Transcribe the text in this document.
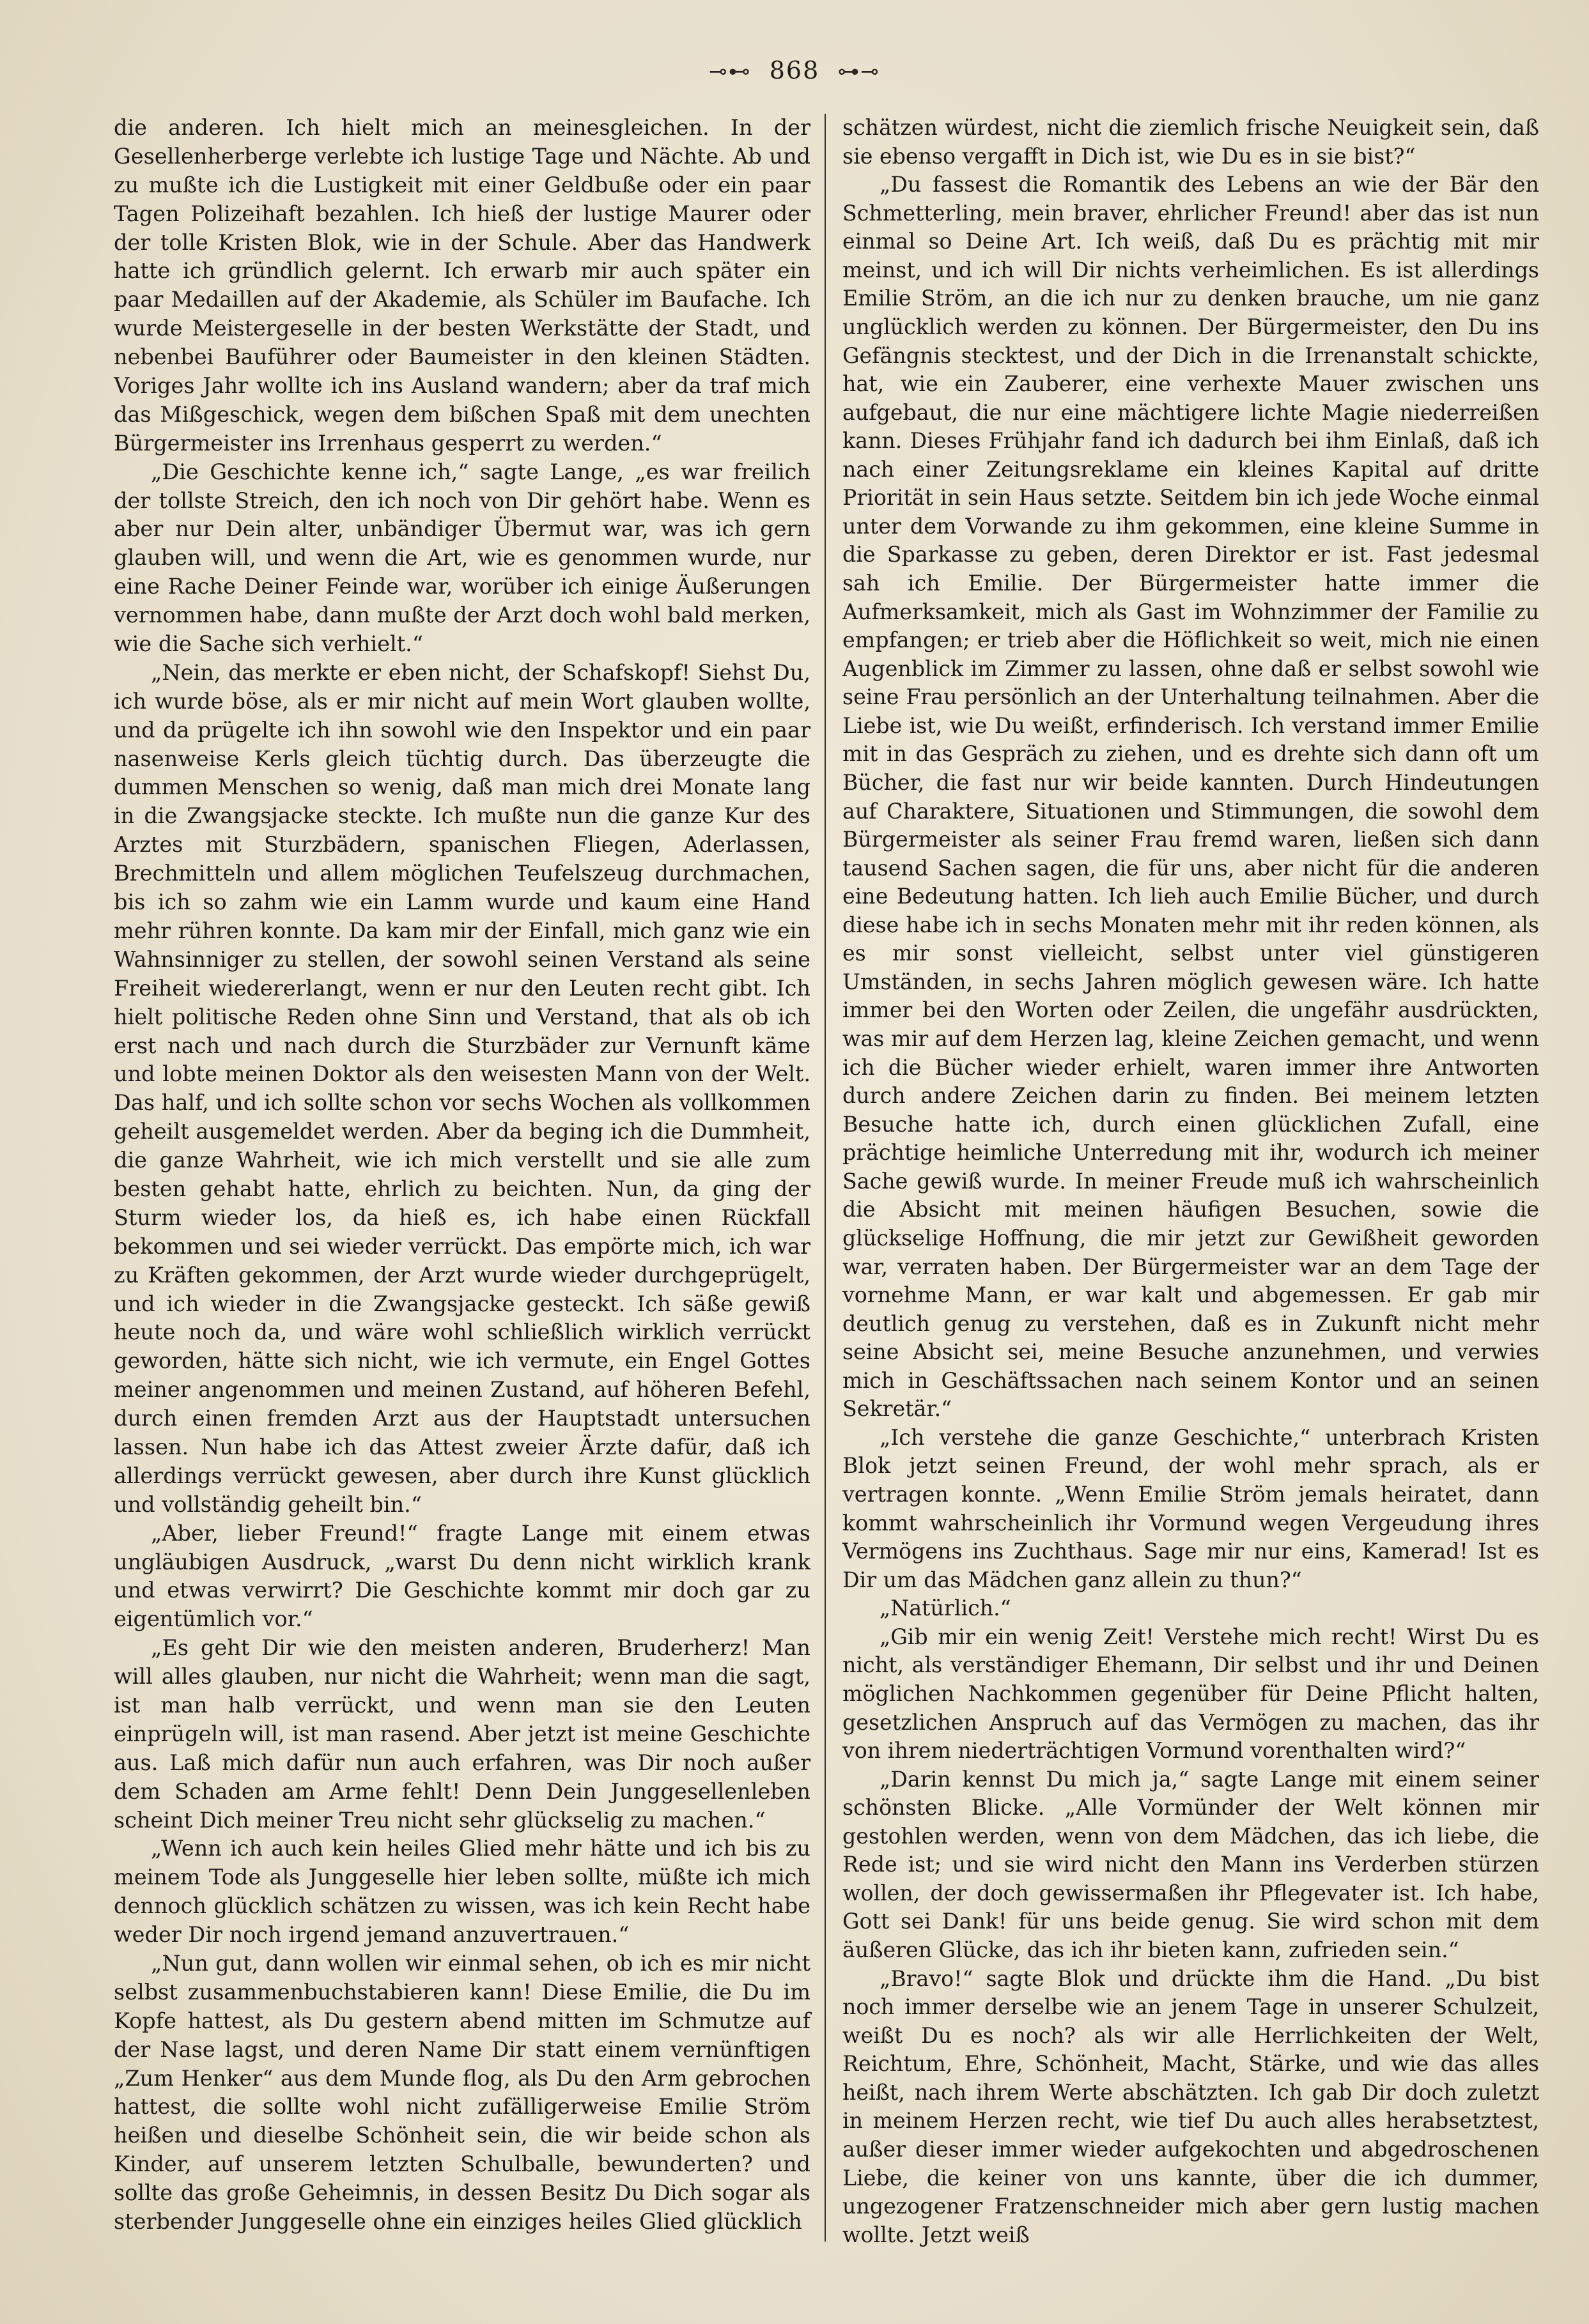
⊸⊷ 868 ⊶⊸

die anderen. Ich hielt mich an meinesgleichen. In der Gesellenherberge verlebte ich lustige Tage und Nächte. Ab und zu mußte ich die Lustigkeit mit einer Geldbuße oder ein paar Tagen Polizeihaft bezahlen. Ich hieß der lustige Maurer oder der tolle Kristen Blok, wie in der Schule. Aber das Handwerk hatte ich gründlich gelernt. Ich erwarb mir auch später ein paar Medaillen auf der Akademie, als Schüler im Baufache. Ich wurde Meistergeselle in der besten Werkstätte der Stadt, und nebenbei Bauführer oder Baumeister in den kleinen Städten. Voriges Jahr wollte ich ins Ausland wandern; aber da traf mich das Mißgeschick, wegen dem bißchen Spaß mit dem unechten Bürgermeister ins Irrenhaus gesperrt zu werden.“

„Die Geschichte kenne ich,“ sagte Lange, „es war freilich der tollste Streich, den ich noch von Dir gehört habe. Wenn es aber nur Dein alter, unbändiger Übermut war, was ich gern glauben will, und wenn die Art, wie es genommen wurde, nur eine Rache Deiner Feinde war, worüber ich einige Äußerungen vernommen habe, dann mußte der Arzt doch wohl bald merken, wie die Sache sich verhielt.“

„Nein, das merkte er eben nicht, der Schafskopf! Siehst Du, ich wurde böse, als er mir nicht auf mein Wort glauben wollte, und da prügelte ich ihn sowohl wie den Inspektor und ein paar nasenweise Kerls gleich tüchtig durch. Das überzeugte die dummen Menschen so wenig, daß man mich drei Monate lang in die Zwangsjacke steckte. Ich mußte nun die ganze Kur des Arztes mit Sturzbädern, spanischen Fliegen, Aderlassen, Brechmitteln und allem möglichen Teufelszeug durchmachen, bis ich so zahm wie ein Lamm wurde und kaum eine Hand mehr rühren konnte. Da kam mir der Einfall, mich ganz wie ein Wahnsinniger zu stellen, der sowohl seinen Verstand als seine Freiheit wiedererlangt, wenn er nur den Leuten recht gibt. Ich hielt politische Reden ohne Sinn und Verstand, that als ob ich erst nach und nach durch die Sturzbäder zur Vernunft käme und lobte meinen Doktor als den weisesten Mann von der Welt. Das half, und ich sollte schon vor sechs Wochen als vollkommen geheilt ausgemeldet werden. Aber da beging ich die Dummheit, die ganze Wahrheit, wie ich mich verstellt und sie alle zum besten gehabt hatte, ehrlich zu beichten. Nun, da ging der Sturm wieder los, da hieß es, ich habe einen Rückfall bekommen und sei wieder verrückt. Das empörte mich, ich war zu Kräften gekommen, der Arzt wurde wieder durchgeprügelt, und ich wieder in die Zwangsjacke gesteckt. Ich säße gewiß heute noch da, und wäre wohl schließlich wirklich verrückt geworden, hätte sich nicht, wie ich vermute, ein Engel Gottes meiner angenommen und meinen Zustand, auf höheren Befehl, durch einen fremden Arzt aus der Hauptstadt untersuchen lassen. Nun habe ich das Attest zweier Ärzte dafür, daß ich allerdings verrückt gewesen, aber durch ihre Kunst glücklich und vollständig geheilt bin.“

„Aber, lieber Freund!“ fragte Lange mit einem etwas ungläubigen Ausdruck, „warst Du denn nicht wirklich krank und etwas verwirrt? Die Geschichte kommt mir doch gar zu eigentümlich vor.“

„Es geht Dir wie den meisten anderen, Bruderherz! Man will alles glauben, nur nicht die Wahrheit; wenn man die sagt, ist man halb verrückt, und wenn man sie den Leuten einprügeln will, ist man rasend. Aber jetzt ist meine Geschichte aus. Laß mich dafür nun auch erfahren, was Dir noch außer dem Schaden am Arme fehlt! Denn Dein Junggesellenleben scheint Dich meiner Treu nicht sehr glückselig zu machen.“

„Wenn ich auch kein heiles Glied mehr hätte und ich bis zu meinem Tode als Junggeselle hier leben sollte, müßte ich mich dennoch glücklich schätzen zu wissen, was ich kein Recht habe weder Dir noch irgend jemand anzuvertrauen.“

„Nun gut, dann wollen wir einmal sehen, ob ich es mir nicht selbst zusammenbuchstabieren kann! Diese Emilie, die Du im Kopfe hattest, als Du gestern abend mitten im Schmutze auf der Nase lagst, und deren Name Dir statt einem vernünftigen „Zum Henker“ aus dem Munde flog, als Du den Arm gebrochen hattest, die sollte wohl nicht zufälligerweise Emilie Ström heißen und dieselbe Schönheit sein, die wir beide schon als Kinder, auf unserem letzten Schulballe, bewunderten? und sollte das große Geheimnis, in dessen Besitz Du Dich sogar als sterbender Junggeselle ohne ein einziges heiles Glied glücklich

schätzen würdest, nicht die ziemlich frische Neuigkeit sein, daß sie ebenso vergafft in Dich ist, wie Du es in sie bist?“

„Du fassest die Romantik des Lebens an wie der Bär den Schmetterling, mein braver, ehrlicher Freund! aber das ist nun einmal so Deine Art. Ich weiß, daß Du es prächtig mit mir meinst, und ich will Dir nichts verheimlichen. Es ist allerdings Emilie Ström, an die ich nur zu denken brauche, um nie ganz unglücklich werden zu können. Der Bürgermeister, den Du ins Gefängnis stecktest, und der Dich in die Irrenanstalt schickte, hat, wie ein Zauberer, eine verhexte Mauer zwischen uns aufgebaut, die nur eine mächtigere lichte Magie niederreißen kann. Dieses Frühjahr fand ich dadurch bei ihm Einlaß, daß ich nach einer Zeitungsreklame ein kleines Kapital auf dritte Priorität in sein Haus setzte. Seitdem bin ich jede Woche einmal unter dem Vorwande zu ihm gekommen, eine kleine Summe in die Sparkasse zu geben, deren Direktor er ist. Fast jedesmal sah ich Emilie. Der Bürgermeister hatte immer die Aufmerksamkeit, mich als Gast im Wohnzimmer der Familie zu empfangen; er trieb aber die Höflichkeit so weit, mich nie einen Augenblick im Zimmer zu lassen, ohne daß er selbst sowohl wie seine Frau persönlich an der Unterhaltung teilnahmen. Aber die Liebe ist, wie Du weißt, erfinderisch. Ich verstand immer Emilie mit in das Gespräch zu ziehen, und es drehte sich dann oft um Bücher, die fast nur wir beide kannten. Durch Hindeutungen auf Charaktere, Situationen und Stimmungen, die sowohl dem Bürgermeister als seiner Frau fremd waren, ließen sich dann tausend Sachen sagen, die für uns, aber nicht für die anderen eine Bedeutung hatten. Ich lieh auch Emilie Bücher, und durch diese habe ich in sechs Monaten mehr mit ihr reden können, als es mir sonst vielleicht, selbst unter viel günstigeren Umständen, in sechs Jahren möglich gewesen wäre. Ich hatte immer bei den Worten oder Zeilen, die ungefähr ausdrückten, was mir auf dem Herzen lag, kleine Zeichen gemacht, und wenn ich die Bücher wieder erhielt, waren immer ihre Antworten durch andere Zeichen darin zu finden. Bei meinem letzten Besuche hatte ich, durch einen glücklichen Zufall, eine prächtige heimliche Unterredung mit ihr, wodurch ich meiner Sache gewiß wurde. In meiner Freude muß ich wahrscheinlich die Absicht mit meinen häufigen Besuchen, sowie die glückselige Hoffnung, die mir jetzt zur Gewißheit geworden war, verraten haben. Der Bürgermeister war an dem Tage der vornehme Mann, er war kalt und abgemessen. Er gab mir deutlich genug zu verstehen, daß es in Zukunft nicht mehr seine Absicht sei, meine Besuche anzunehmen, und verwies mich in Geschäftssachen nach seinem Kontor und an seinen Sekretär.“

„Ich verstehe die ganze Geschichte,“ unterbrach Kristen Blok jetzt seinen Freund, der wohl mehr sprach, als er vertragen konnte. „Wenn Emilie Ström jemals heiratet, dann kommt wahrscheinlich ihr Vormund wegen Vergeudung ihres Vermögens ins Zuchthaus. Sage mir nur eins, Kamerad! Ist es Dir um das Mädchen ganz allein zu thun?“

„Natürlich.“

„Gib mir ein wenig Zeit! Verstehe mich recht! Wirst Du es nicht, als verständiger Ehemann, Dir selbst und ihr und Deinen möglichen Nachkommen gegenüber für Deine Pflicht halten, gesetzlichen Anspruch auf das Vermögen zu machen, das ihr von ihrem niederträchtigen Vormund vorenthalten wird?“

„Darin kennst Du mich ja,“ sagte Lange mit einem seiner schönsten Blicke. „Alle Vormünder der Welt können mir gestohlen werden, wenn von dem Mädchen, das ich liebe, die Rede ist; und sie wird nicht den Mann ins Verderben stürzen wollen, der doch gewissermaßen ihr Pflegevater ist. Ich habe, Gott sei Dank! für uns beide genug. Sie wird schon mit dem äußeren Glücke, das ich ihr bieten kann, zufrieden sein.“

„Bravo!“ sagte Blok und drückte ihm die Hand. „Du bist noch immer derselbe wie an jenem Tage in unserer Schulzeit, weißt Du es noch? als wir alle Herrlichkeiten der Welt, Reichtum, Ehre, Schönheit, Macht, Stärke, und wie das alles heißt, nach ihrem Werte abschätzten. Ich gab Dir doch zuletzt in meinem Herzen recht, wie tief Du auch alles herabsetztest, außer dieser immer wieder aufgekochten und abgedroschenen Liebe, die keiner von uns kannte, über die ich dummer, ungezogener Fratzenschneider mich aber gern lustig machen wollte. Jetzt weiß
